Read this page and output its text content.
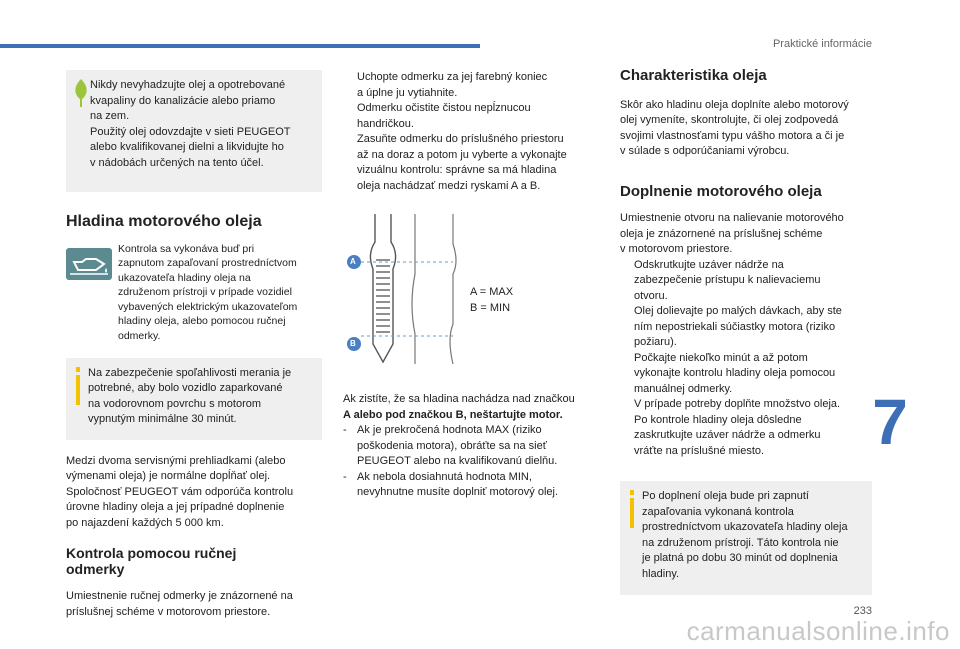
Praktické informácie
Nikdy nevyhadzujte olej a opotrebované
kvapaliny do kanalizácie alebo priamo
na zem.
Použitý olej odovzdajte v sieti PEUGEOT
alebo kvalifikovanej dielni a likvidujte ho
v nádobách určených na tento účel.
Hladina motorového oleja
Kontrola sa vykonáva buď pri
zapnutom zapaľovaní prostredníctvom
ukazovateľa hladiny oleja na
združenom prístroji v prípade vozidiel
vybavených elektrickým ukazovateľom
hladiny oleja, alebo pomocou ručnej
odmerky.
Na zabezpečenie spoľahlivosti merania je
potrebné, aby bolo vozidlo zaparkované
na vodorovnom povrchu s motorom
vypnutým minimálne 30 minút.
Medzi dvoma servisnými prehliadkami (alebo
výmenami oleja) je normálne dopĺňať olej.
Spoločnosť PEUGEOT vám odporúča kontrolu
úrovne hladiny oleja a jej prípadné doplnenie
po najazdení každých 5 000 km.
Kontrola pomocou ručnej
odmerky
Umiestnenie ručnej odmerky je znázornené na
príslušnej schéme v motorovom priestore.
Uchopte odmerku za jej farebný koniec
a úplne ju vytiahnite.
Odmerku očistite čistou nepĺznucou
handričkou.
Zasuňte odmerku do príslušného priestoru
až na doraz a potom ju vyberte a vykonajte
vizuálnu kontrolu: správne sa má hladina
oleja nachádzať medzi ryskami A a B.
A
B
A = MAX
B = MIN
Ak zistíte, že sa hladina nachádza nad značkou
A alebo pod značkou B, neštartujte motor.
- Ak je prekročená hodnota MAX (riziko
poškodenia motora), obráťte sa na sieť
PEUGEOT alebo na kvalifikovanú dielňu.
- Ak nebola dosiahnutá hodnota MIN,
nevyhnutne musíte doplniť motorový olej.
Charakteristika oleja
Skôr ako hladinu oleja doplníte alebo motorový
olej vymeníte, skontrolujte, či olej zodpovedá
svojimi vlastnosťami typu vášho motora a či je
v súlade s odporúčaniami výrobcu.
Doplnenie motorového oleja
Umiestnenie otvoru na nalievanie motorového
oleja je znázornené na príslušnej schéme
v motorovom priestore.
Odskrutkujte uzáver nádrže na
zabezpečenie prístupu k nalievaciemu
otvoru.
Olej dolievajte po malých dávkach, aby ste
ním nepostriekali súčiastky motora (riziko
požiaru).
Počkajte niekoľko minút a až potom
vykonajte kontrolu hladiny oleja pomocou
manuálnej odmerky.
V prípade potreby doplňte množstvo oleja.
Po kontrole hladiny oleja dôsledne
zaskrutkujte uzáver nádrže a odmerku
vráťte na príslušné miesto.
Po doplnení oleja bude pri zapnutí
zapaľovania vykonaná kontrola
prostredníctvom ukazovateľa hladiny oleja
na združenom prístroji. Táto kontrola nie
je platná po dobu 30 minút od doplnenia
hladiny.
7
233
carmanualsonline.info
